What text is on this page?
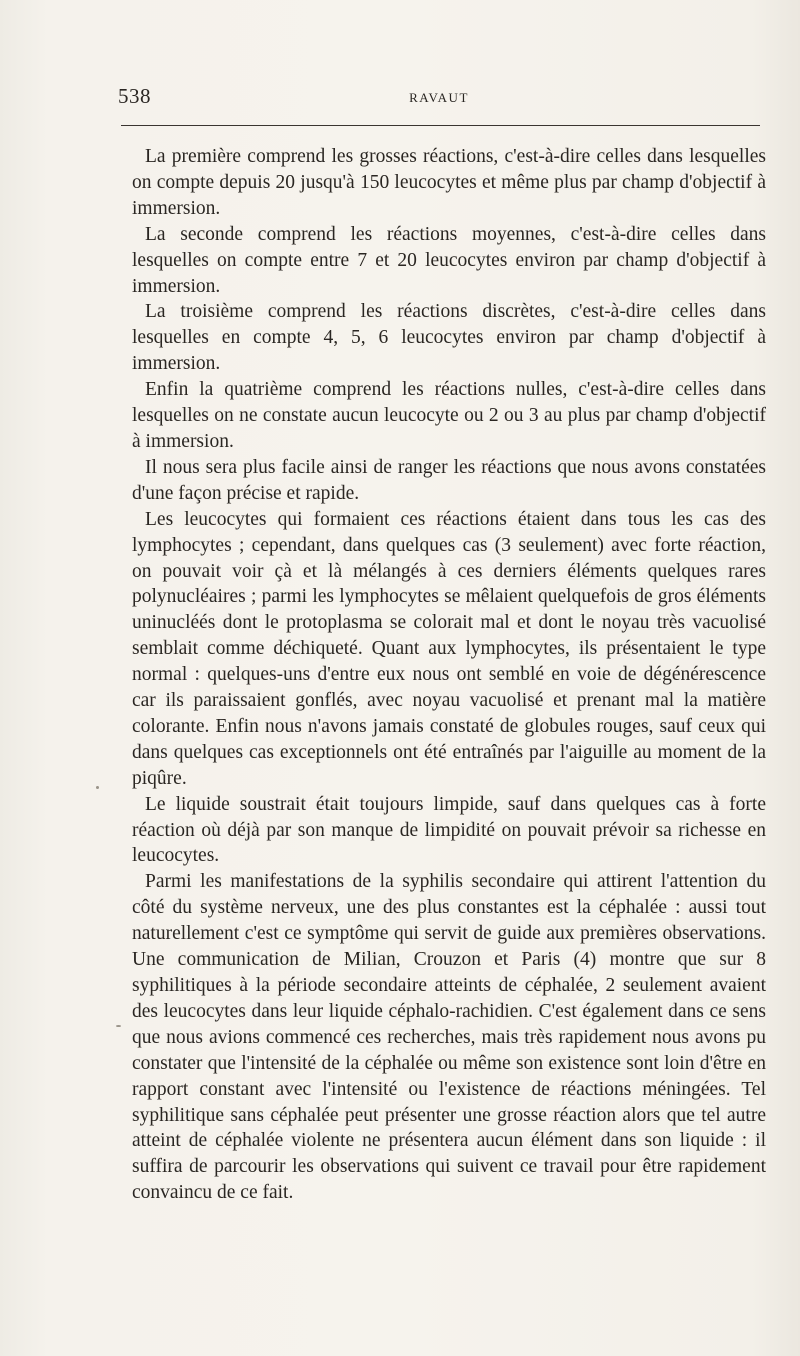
538	RAVAUT

La première comprend les grosses réactions, c'est-à-dire celles dans lesquelles on compte depuis 20 jusqu'à 150 leucocytes et même plus par champ d'objectif à immersion.

La seconde comprend les réactions moyennes, c'est-à-dire celles dans lesquelles on compte entre 7 et 20 leucocytes environ par champ d'objectif à immersion.

La troisième comprend les réactions discrètes, c'est-à-dire celles dans lesquelles en compte 4, 5, 6 leucocytes environ par champ d'objectif à immersion.

Enfin la quatrième comprend les réactions nulles, c'est-à-dire celles dans lesquelles on ne constate aucun leucocyte ou 2 ou 3 au plus par champ d'objectif à immersion.

Il nous sera plus facile ainsi de ranger les réactions que nous avons constatées d'une façon précise et rapide.

Les leucocytes qui formaient ces réactions étaient dans tous les cas des lymphocytes ; cependant, dans quelques cas (3 seulement) avec forte réaction, on pouvait voir çà et là mélangés à ces derniers éléments quelques rares polynucléaires ; parmi les lymphocytes se mêlaient quelquefois de gros éléments uninucléés dont le protoplasma se colorait mal et dont le noyau très vacuolisé semblait comme déchiqueté. Quant aux lymphocytes, ils présentaient le type normal : quelques-uns d'entre eux nous ont semblé en voie de dégénérescence car ils paraissaient gonflés, avec noyau vacuolisé et prenant mal la matière colorante. Enfin nous n'avons jamais constaté de globules rouges, sauf ceux qui dans quelques cas exceptionnels ont été entraînés par l'aiguille au moment de la piqûre.

Le liquide soustrait était toujours limpide, sauf dans quelques cas à forte réaction où déjà par son manque de limpidité on pouvait prévoir sa richesse en leucocytes.

Parmi les manifestations de la syphilis secondaire qui attirent l'attention du côté du système nerveux, une des plus constantes est la céphalée : aussi tout naturellement c'est ce symptôme qui servit de guide aux premières observations. Une communication de Milian, Crouzon et Paris (4) montre que sur 8 syphilitiques à la période secondaire atteints de céphalée, 2 seulement avaient des leucocytes dans leur liquide céphalo-rachidien. C'est également dans ce sens que nous avions commencé ces recherches, mais très rapidement nous avons pu constater que l'intensité de la céphalée ou même son existence sont loin d'être en rapport constant avec l'intensité ou l'existence de réactions méningées. Tel syphilitique sans céphalée peut présenter une grosse réaction alors que tel autre atteint de céphalée violente ne présentera aucun élément dans son liquide : il suffira de parcourir les observations qui suivent ce travail pour être rapidement convaincu de ce fait.
